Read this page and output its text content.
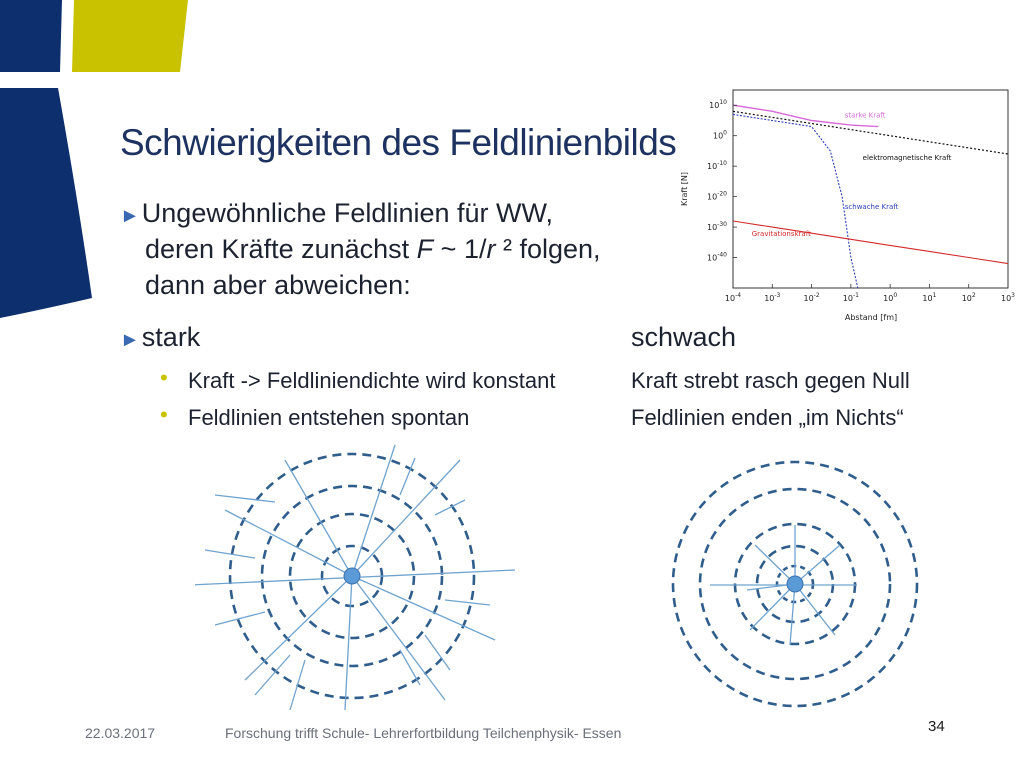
Schwierigkeiten des Feldlinienbilds
►Ungewöhnliche Feldlinien für WW,
deren Kräfte zunächst F ~ 1/r ² folgen,
dann aber abweichen:
►stark
• Kraft -> Feldliniendichte wird konstant
• Feldlinien entstehen spontan
schwach
Kraft strebt rasch gegen Null
Feldlinien enden „im Nichts“
$10^{-4}$	$10^{-3}$	$10^{-2}$	$10^{-1}$	$10^0$	$10^1$	$10^2$	$10^3$
$10^{10}$
$10^0$
$10^{-10}$
$10^{-20}$
$10^{-30}$
$10^{-40}$
starke Kraft
elektromagnetische Kraft
schwache Kraft
Gravitationskraft
Kraft [N]
Abstand [fm]
22.03.2017	Forschung trifft Schule- Lehrerfortbildung Teilchenphysik- Essen	34
